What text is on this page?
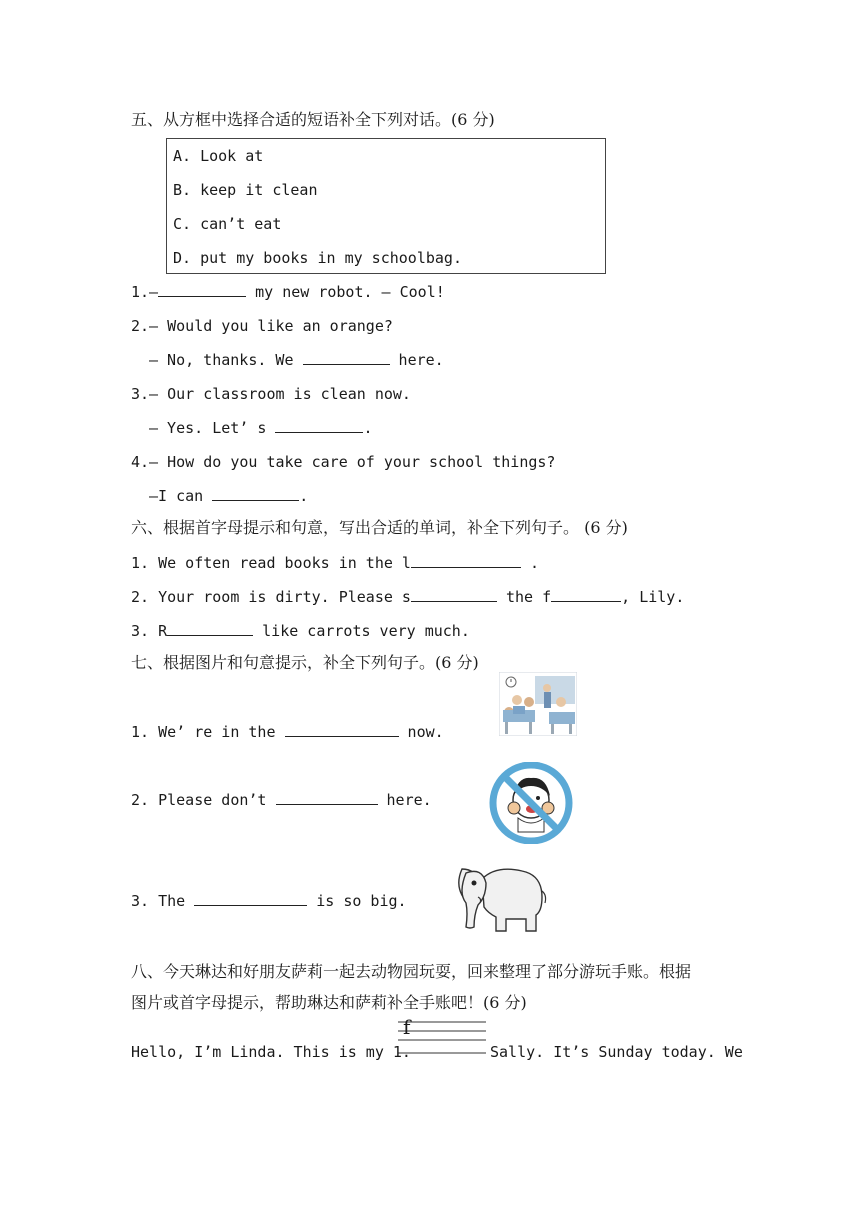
五、从方框中选择合适的短语补全下列对话。(6 分)
A. Look at
B. keep it clean
C. can’t eat
D. put my books in my schoolbag.
1.—	my new robot. — Cool!
2.— Would you like an orange?
— No, thanks. We	here.
3.— Our classroom is clean now.
— Yes. Let’ s	.
4.— How do you take care of your school things?
—I can	.
六、根据首字母提示和句意，写出合适的单词，补全下列句子。 (6 分)
1. We often read books in the l	.
2. Your room is dirty. Please s	the f	, Lily.
3. R	like carrots very much.
七、根据图片和句意提示，补全下列句子。(6 分)
1. We’ re in the	now.
2. Please don’t	here.
3. The	is so big.
八、今天琳达和好朋友萨莉一起去动物园玩耍，回来整理了部分游玩手账。根据
图片或首字母提示，帮助琳达和萨莉补全手账吧！(6 分)
f
Hello, I’m Linda. This is my 1.	Sally. It’s Sunday today. We
